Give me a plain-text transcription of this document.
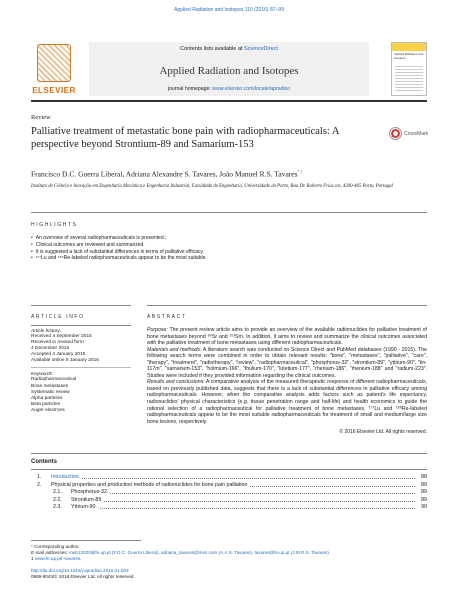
Applied Radiation and Isotopes 110 (2016) 87–99
ELSEVIER
Contents lists available at ScienceDirect
Applied Radiation and Isotopes
journal homepage: www.elsevier.com/locate/apradiso
Applied Radiation and Isotopes
Review
Palliative treatment of metastatic bone pain with radiopharmaceuticals: A perspective beyond Strontium-89 and Samarium-153
CrossMark
Francisco D.C. Guerra Liberal, Adriana Alexandre S. Tavares, João Manuel R.S. Tavares$^{*,1}$
Instituto de Ciência e Inovação em Engenharia Mecânica e Engenharia Industrial, Faculdade de Engenharia, Universidade do Porto, Rua Dr. Roberto Frias s/n, 4200-465 Porto, Portugal
HIGHLIGHTS
• An overview of several radiopharmaceuticals is presented.;
• Clinical outcomes are reviewed and summarized.
• It is suggested a lack of substantial differences in terms of palliative efficacy.
• ¹⁷⁷Lu and ¹⁸⁸Re-labeled radiopharmaceuticals appear to be the most suitable.
ARTICLE INFO
Article history:
Received 4 September 2015
Received in revised form
4 December 2015
Accepted 4 January 2016
Available online 6 January 2016
Keywords:
Radiopharmaceutical
Bone metastases
Systematic review
Alpha particles
Beta particles
Auger electrons
ABSTRACT

Purpose: The present review article aims to provide an overview of the available radionuclides for palliative treatment of bone metastases beyond ⁸⁹Sr and ¹⁵³Sm. In addition, it aims to review and summarize the clinical outcomes associated with the palliative treatment of bone metastases using different radiopharmaceuticals.

Materials and methods: A literature search was conducted on Science Direct and PubMed databases (1990 - 2015). The following search terms were combined in order to obtain relevant results: "bone", "metastases", "palliative", "care", "therapy", "treatment", "radiotherapy", "review", "radiopharmaceutical", "phosphorus-32", "strontium-89", "yttrium-90", "tin-117m", "samarium-153", "holmium-166", "thulium-170", "lutetium-177", "rhenium-186", "rhenium-188" and "radium-223". Studies were included if they provided information regarding the clinical outcomes.

Results and conclusions: A comparative analysis of the measured therapeutic response of different radiopharmaceuticals, based on previously published data, suggests that there is a lack of substantial differences in palliative efficacy among radiopharmaceuticals. However, when the comparative analysis adds factors such as patient's life expectancy, radionuclides' physical characteristics (e.g. tissue penetration range and half-life) and health economics to guide the rational selection of a radiopharmaceutical for palliative treatment of bone metastases, ¹⁷⁷Lu and ¹⁸⁸Re-labeled radiopharmaceuticals appear to be the most suitable radiopharmaceuticals for treatment of small and medium/large size bone lesions, respectively.

© 2016 Elsevier Ltd. All rights reserved.
Contents
1. Introduction.	88
2. Physical properties and production methods of radionuclides for bone pain palliation	89
2.1. Phosphorus-32.	89
2.2. Strontium-89	89
2.3. Yttrium-90.	90
* Corresponding author.
E-mail addresses: meb12020@fe.up.pt (F.D.C. Guerra Liberal), adriana_tavares@msn.com (A.A.S. Tavares), tavares@fe.up.pt (J.M.R.S. Tavares).
1 www.fe.up.pt/~tavares.
http://dx.doi.org/10.1016/j.apradiso.2016.01.003
0969-8043/© 2016 Elsevier Ltd. All rights reserved.
